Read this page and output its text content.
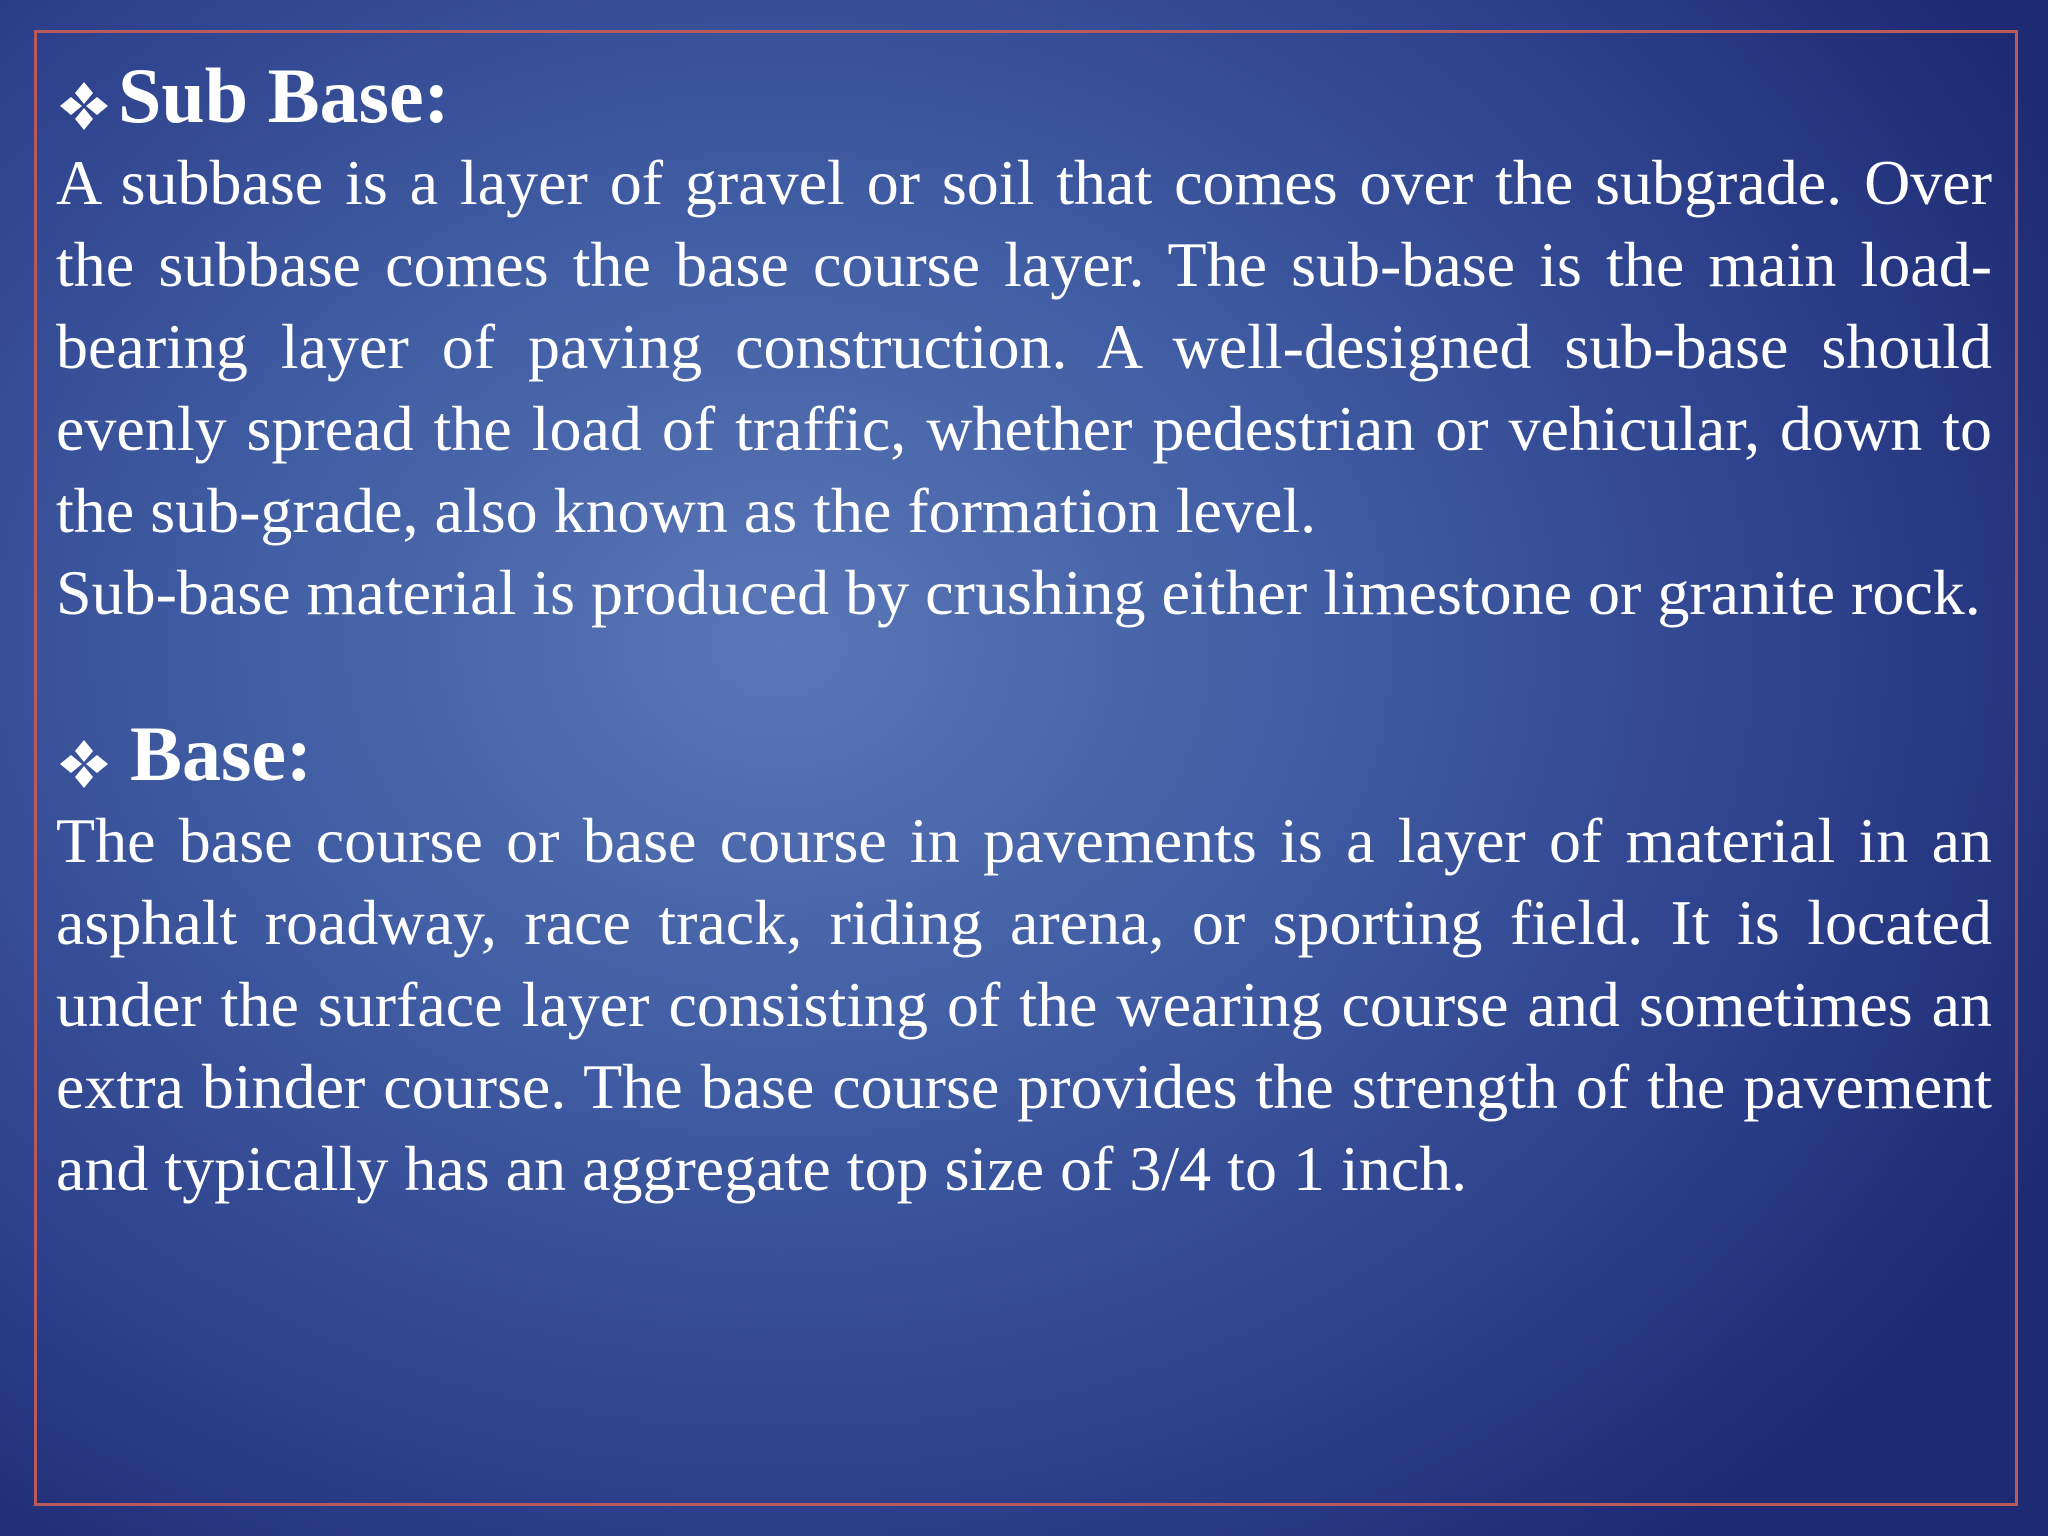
Sub Base:

A subbase is a layer of gravel or soil that comes over the subgrade. Over the subbase comes the base course layer. The sub-base is the main load-bearing layer of paving construction. A well-designed sub-base should evenly spread the load of traffic, whether pedestrian or vehicular, down to the sub-grade, also known as the formation level.

Sub-base material is produced by crushing either limestone or granite rock.

Base:

The base course or base course in pavements is a layer of material in an asphalt roadway, race track, riding arena, or sporting field. It is located under the surface layer consisting of the wearing course and sometimes an extra binder course. The base course provides the strength of the pavement and typically has an aggregate top size of 3/4 to 1 inch.
